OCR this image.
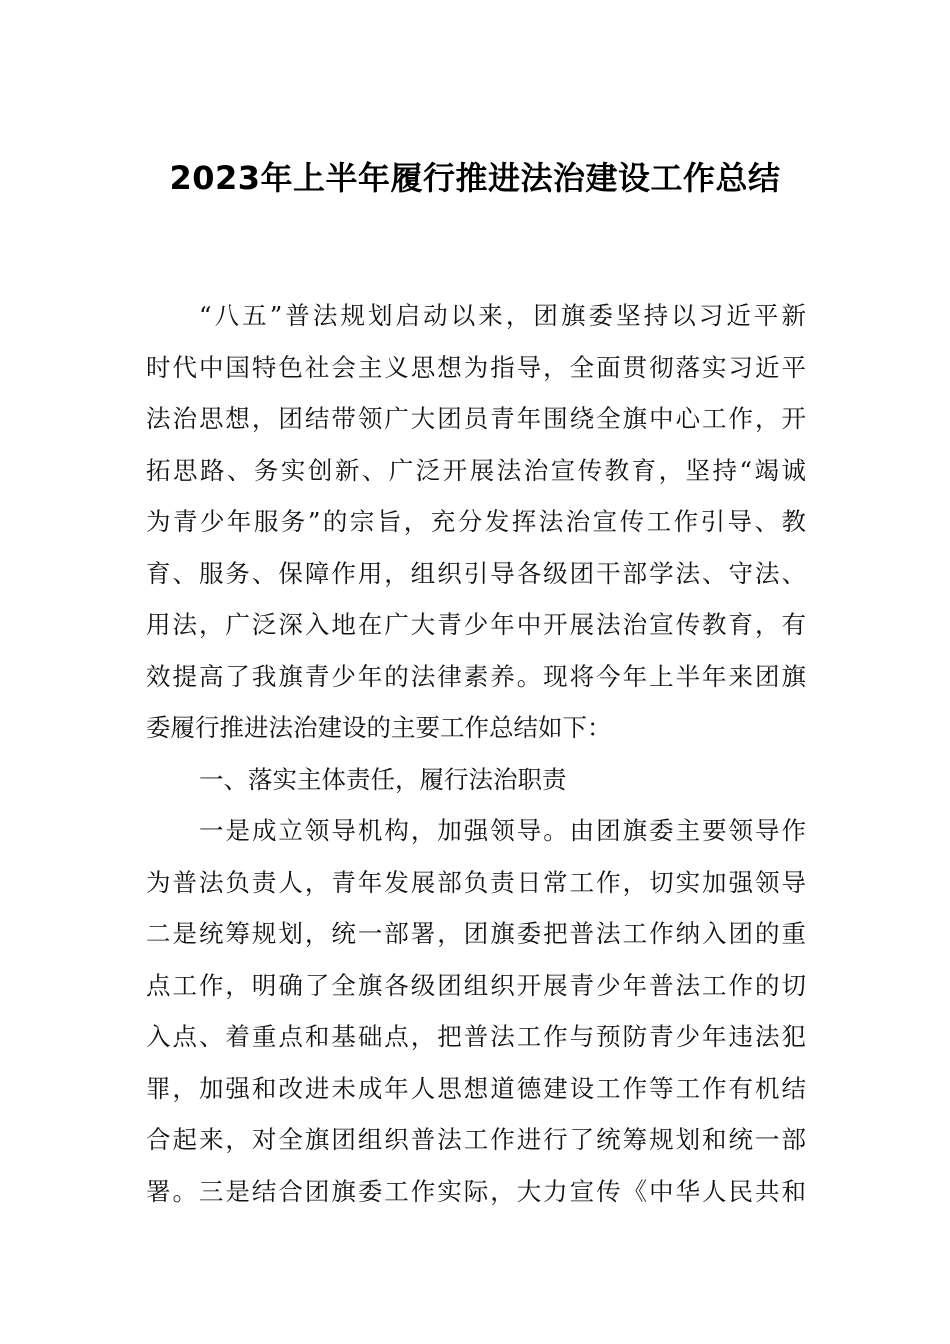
2023年上半年履行推进法治建设工作总结
“八五”普法规划启动以来，团旗委坚持以习近平新
时代中国特色社会主义思想为指导，全面贯彻落实习近平
法治思想，团结带领广大团员青年围绕全旗中心工作，开
拓思路、务实创新、广泛开展法治宣传教育，坚持“竭诚
为青少年服务”的宗旨，充分发挥法治宣传工作引导、教
育、服务、保障作用，组织引导各级团干部学法、守法、
用法，广泛深入地在广大青少年中开展法治宣传教育，有
效提高了我旗青少年的法律素养。现将今年上半年来团旗
委履行推进法治建设的主要工作总结如下：
一、落实主体责任，履行法治职责
一是成立领导机构，加强领导。由团旗委主要领导作
为普法负责人，青年发展部负责日常工作，切实加强领导
二是统筹规划，统一部署，团旗委把普法工作纳入团的重
点工作，明确了全旗各级团组织开展青少年普法工作的切
入点、着重点和基础点，把普法工作与预防青少年违法犯
罪，加强和改进未成年人思想道德建设工作等工作有机结
合起来，对全旗团组织普法工作进行了统筹规划和统一部
署。三是结合团旗委工作实际，大力宣传《中华人民共和
